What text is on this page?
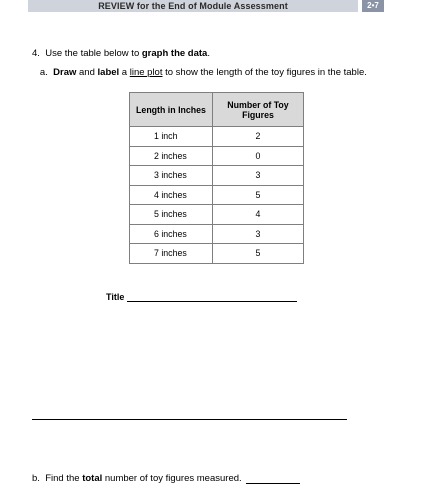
REVIEW for the End of Module Assessment	2•7
4. Use the table below to graph the data.
a. Draw and label a line plot to show the length of the toy figures in the table.
Length in Inches	Number of Toy Figures
1 inch	2
2 inches	0
3 inches	3
4 inches	5
5 inches	4
6 inches	3
7 inches	5
Title
b.
Find the total number of toy figures measured.
